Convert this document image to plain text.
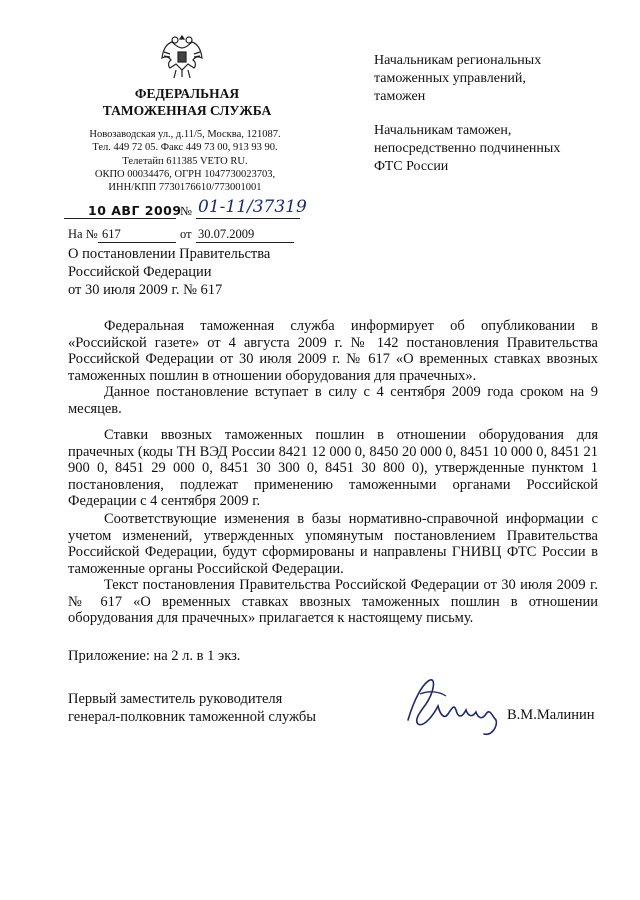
ФЕДЕРАЛЬНАЯ
ТАМОЖЕННАЯ СЛУЖБА
Новозаводская ул., д.11/5, Москва, 121087.
Тел. 449 72 05. Факс 449 73 00, 913 93 90.
Телетайп 611385 VETO RU.
ОКПО 00034476, ОГРН 1047730023703,
ИНН/КПП 7730176610/773001001
Начальникам региональных
таможенных управлений,
таможен
Начальникам таможен,
непосредственно подчиненных
ФТС России
10 АВГ 2009
№ 01-11/37319
На № 617	от 30.07.2009
О постановлении Правительства
Российской Федерации
от 30 июля 2009 г. № 617

Федеральная таможенная служба информирует об опубликовании в «Российской газете» от 4 августа 2009 г. № 142 постановления Правительства Российской Федерации от 30 июля 2009 г. № 617 «О временных ставках ввозных таможенных пошлин в отношении оборудования для прачечных».

Данное постановление вступает в силу с 4 сентября 2009 года сроком на 9 месяцев.

Ставки ввозных таможенных пошлин в отношении оборудования для прачечных (коды ТН ВЭД России 8421 12 000 0, 8450 20 000 0, 8451 10 000 0, 8451 21 900 0, 8451 29 000 0, 8451 30 300 0, 8451 30 800 0), утвержденные пунктом 1 постановления, подлежат применению таможенными органами Российской Федерации с 4 сентября 2009 г.

Соответствующие изменения в базы нормативно-справочной информации с учетом изменений, утвержденных упомянутым постановлением Правительства Российской Федерации, будут сформированы и направлены ГНИВЦ ФТС России в таможенные органы Российской Федерации.

Текст постановления Правительства Российской Федерации от 30 июля 2009 г. № 617 «О временных ставках ввозных таможенных пошлин в отношении оборудования для прачечных» прилагается к настоящему письму.

Приложение: на 2 л. в 1 экз.
Первый заместитель руководителя
генерал-полковник таможенной службы	В.М.Малинин
